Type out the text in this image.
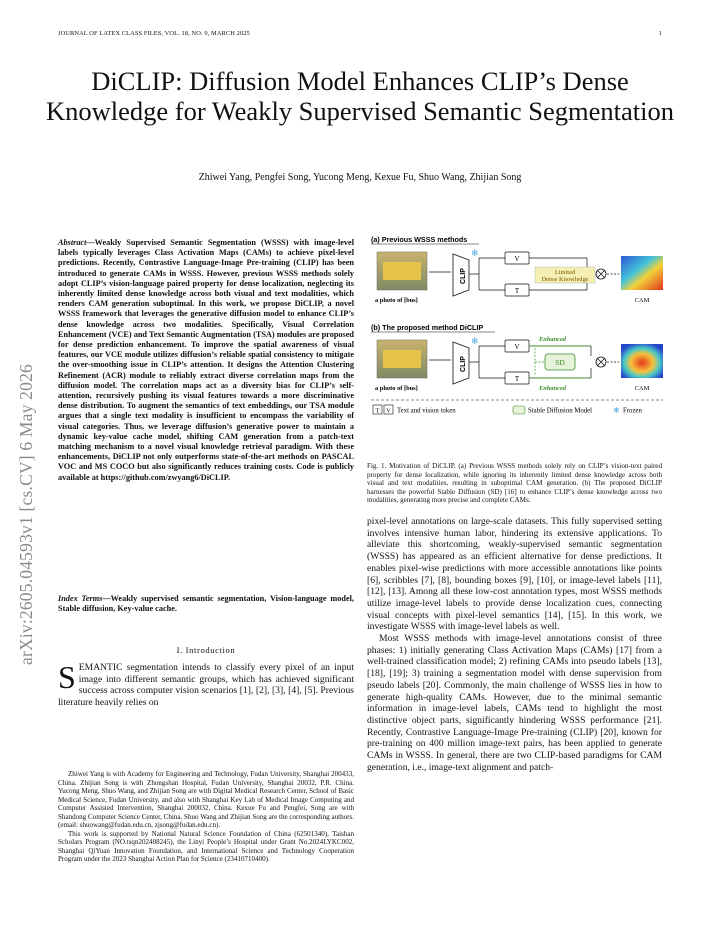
JOURNAL OF LATEX CLASS FILES, VOL. 18, NO. 9, MARCH 2025	1
DiCLIP: Diffusion Model Enhances CLIP’s Dense Knowledge for Weakly Supervised Semantic Segmentation
Zhiwei Yang, Pengfei Song, Yucong Meng, Kexue Fu, Shuo Wang, Zhijian Song
arXiv:2605.04593v1 [cs.CV] 6 May 2026
Abstract—Weakly Supervised Semantic Segmentation (WSSS) with image-level labels typically leverages Class Activation Maps (CAMs) to achieve pixel-level predictions. Recently, Contrastive Language-Image Pre-training (CLIP) has been introduced to generate CAMs in WSSS. However, previous WSSS methods solely adopt CLIP’s vision-language paired property for dense localization, neglecting its inherently limited dense knowledge across both visual and text modalities, which renders CAM generation suboptimal. In this work, we propose DiCLIP, a novel WSSS framework that leverages the generative diffusion model to enhance CLIP’s dense knowledge across two modalities. Specifically, Visual Correlation Enhancement (VCE) and Text Semantic Augmentation (TSA) modules are proposed for dense prediction enhancement. To improve the spatial awareness of visual features, our VCE module utilizes diffusion’s reliable spatial consistency to mitigate the over-smoothing issue in CLIP’s attention. It designs the Attention Clustering Refinement (ACR) module to reliably extract diverse correlation maps from the diffusion model. The correlation maps act as a diversity bias for CLIP’s self-attention, recursively pushing its visual features towards a more discriminative dense distribution. To augment the semantics of text embeddings, our TSA module argues that a single text modality is insufficient to encompass the variability of visual categories. Thus, we leverage diffusion’s generative power to maintain a dynamic key-value cache model, shifting CAM generation from a patch-text matching mechanism to a novel visual knowledge retrieval paradigm. With these enhancements, DiCLIP not only outperforms state-of-the-art methods on PASCAL VOC and MS COCO but also significantly reduces training costs. Code is publicly available at https://github.com/zwyang6/DiCLIP.
Index Terms—Weakly supervised semantic segmentation, Vision-language model, Stable diffusion, Key-value cache.
I. Introduction
SEMANTIC segmentation intends to classify every pixel of an input image into different semantic groups, which has achieved significant success across computer vision scenarios [1], [2], [3], [4], [5]. Previous literature heavily relies on

Zhiwei Yang is with Academy for Engineering and Technology, Fudan University, Shanghai 200433, China. Zhijian Song is with Zhongshan Hospital, Fudan University, Shanghai 20032, P.R. China. Yucong Meng, Shuo Wang, and Zhijian Song are with Digital Medical Research Center, School of Basic Medical Science, Fudan University, and also with Shanghai Key Lab of Medical Image Computing and Computer Assisted Intervention, Shanghai 200032, China. Kexue Fu and Pengfei, Song are with Shandong Computer Science Center, China. Shuo Wang and Zhijian Song are the corresponding authors. (email: shuowang@fudan.edu.cn, zjsong@fudan.edu.cn).

This work is supported by National Natural Science Foundation of China (62501340), Taishan Scholars Program (NO.tsqn202408245), the Linyi People’s Hospital under Grant No.2024LYKC002, Shanghai QiYuan Innovation Foundation, and International Science and Technology Cooperation Program under the 2023 Shanghai Action Plan for Science (23410710400).

(a) Previous WSSS methods
a photo of [bus]
CLIP
❄
V
T
Limited
Dense Knowledge
CAM
(b) The proposed method DiCLIP
a photo of [bus]
CLIP
❄
V
T
Enhanced
Enhanced
SD
CAM
T V Text and vision token	Stable Diffusion Model	❄ Frozen
Fig. 1. Motivation of DiCLIP. (a) Previous WSSS methods solely rely on CLIP’s vision-text paired property for dense localization, while ignoring its inherently limited dense knowledge across both visual and text modalities, resulting in suboptimal CAM generation. (b) The proposed DiCLIP harnesses the powerful Stable Diffusion (SD) [16] to enhance CLIP’s dense knowledge across two modalities, generating more precise and complete CAMs.

pixel-level annotations on large-scale datasets. This fully supervised setting involves intensive human labor, hindering its extensive applications. To alleviate this shortcoming, weakly-supervised semantic segmentation (WSSS) has appeared as an efficient alternative for dense predictions. It enables pixel-wise predictions with more accessible annotations like points [6], scribbles [7], [8], bounding boxes [9], [10], or image-level labels [11], [12], [13]. Among all these low-cost annotation types, most WSSS methods utilize image-level labels to provide dense localization cues, connecting visual concepts with pixel-level semantics [14], [15]. In this work, we investigate WSSS with image-level labels as well.

Most WSSS methods with image-level annotations consist of three phases: 1) initially generating Class Activation Maps (CAMs) [17] from a well-trained classification model; 2) refining CAMs into pseudo labels [13], [18], [19]; 3) training a segmentation model with dense supervision from pseudo labels [20]. Commonly, the main challenge of WSSS lies in how to generate high-quality CAMs. However, due to the minimal semantic information in image-level labels, CAMs tend to highlight the most distinctive object parts, significantly hindering WSSS performance [21]. Recently, Contrastive Language-Image Pre-training (CLIP) [20], known for pre-training on 400 million image-text pairs, has been applied to generate CAMs in WSSS. In general, there are two CLIP-based paradigms for CAM generation, i.e., image-text alignment and patch-
